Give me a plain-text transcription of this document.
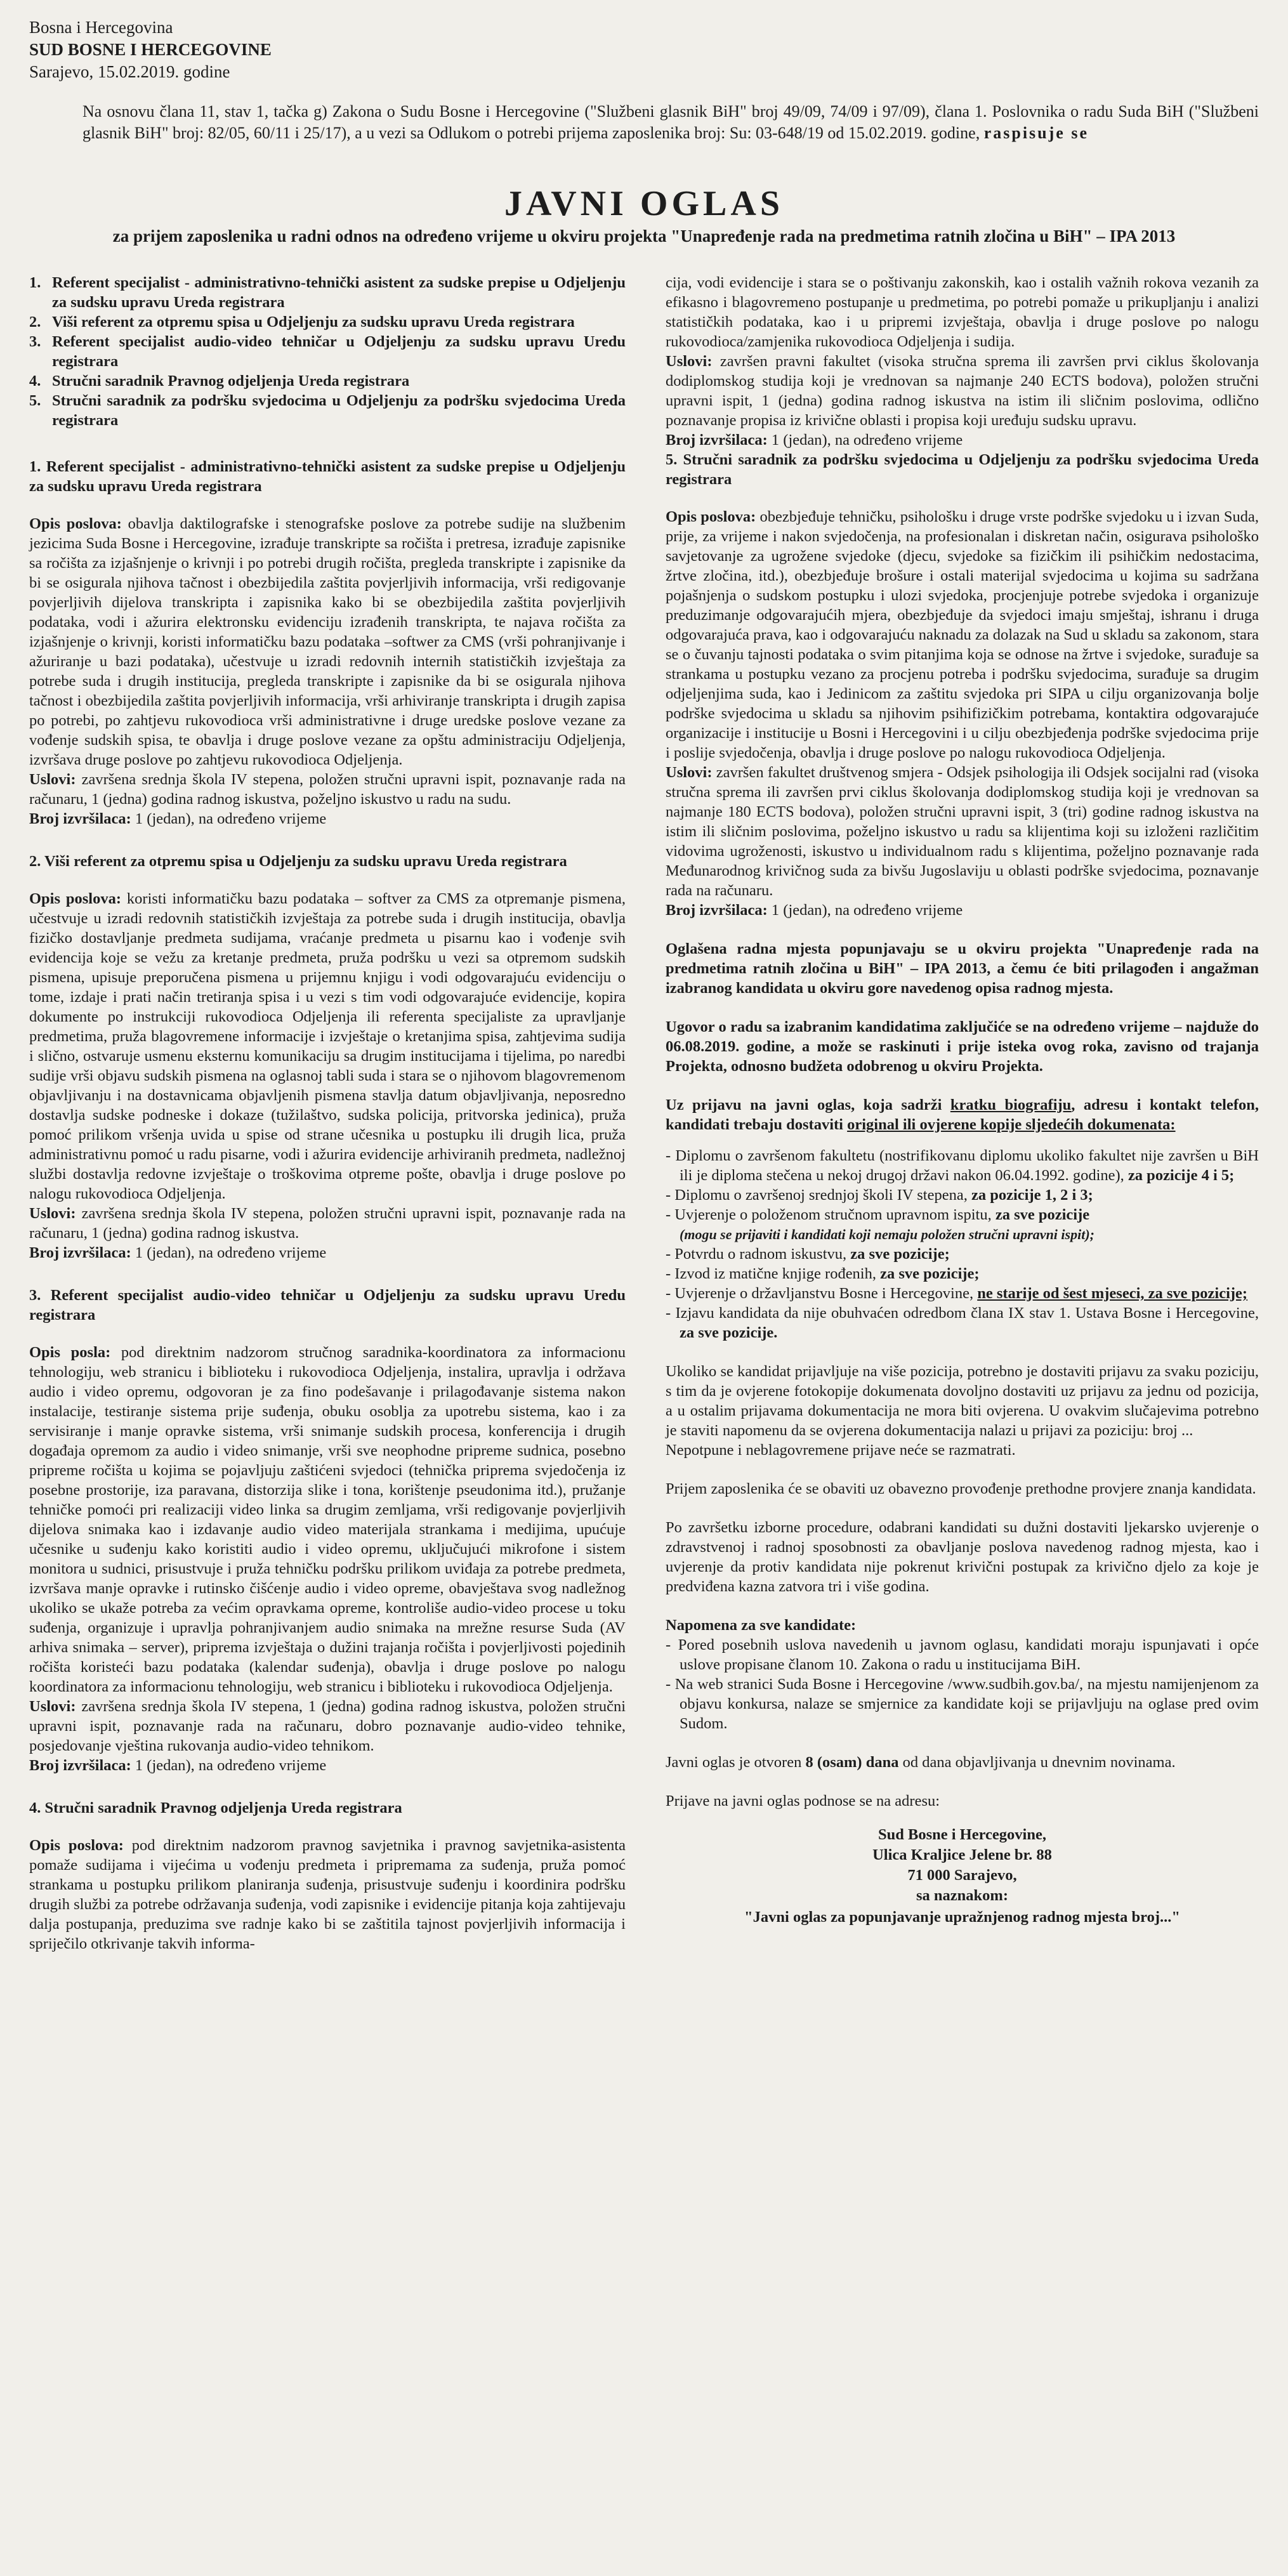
Bosna i Hercegovina
SUD BOSNE I HERCEGOVINE
Sarajevo, 15.02.2019. godine
Na osnovu člana 11, stav 1, tačka g) Zakona o Sudu Bosne i Hercegovine ("Službeni glasnik BiH" broj 49/09, 74/09 i 97/09), člana 1. Poslovnika o radu Suda BiH ("Službeni glasnik BiH" broj: 82/05, 60/11 i 25/17), a u vezi sa Odlukom o potrebi prijema zaposlenika broj: Su: 03-648/19 od 15.02.2019. godine, raspisuje se
JAVNI OGLAS
za prijem zaposlenika u radni odnos na određeno vrijeme u okviru projekta "Unapređenje rada na predmetima ratnih zločina u BiH" – IPA 2013
1. Referent specijalist - administrativno-tehnički asistent za sudske prepise u Odjeljenju za sudsku upravu Ureda registrara
2. Viši referent za otpremu spisa u Odjeljenju za sudsku upravu Ureda registrara
3. Referent specijalist audio-video tehničar u Odjeljenju za sudsku upravu Uredu registrara
4. Stručni saradnik Pravnog odjeljenja Ureda registrara
5. Stručni saradnik za podršku svjedocima u Odjeljenju za podršku svjedocima Ureda registrara
1. Referent specijalist - administrativno-tehnički asistent za sudske prepise u Odjeljenju za sudsku upravu Ureda registrara

Opis poslova: obavlja daktilografske i stenografske poslove za potrebe sudije na službenim jezicima Suda Bosne i Hercegovine, izrađuje transkripte sa ročišta i pretresa, izrađuje zapisnike sa ročišta za izjašnjenje o krivnji i po potrebi drugih ročišta, pregleda transkripte i zapisnike da bi se osigurala njihova tačnost i obezbijedila zaštita povjerljivih informacija, vrši redigovanje povjerljivih dijelova transkripta i zapisnika kako bi se obezbijedila zaštita povjerljivih podataka, vodi i ažurira elektronsku evidenciju izrađenih transkripta, te najava ročišta za izjašnjenje o krivnji, koristi informatičku bazu podataka –softwer za CMS (vrši pohranjivanje i ažuriranje u bazi podataka), učestvuje u izradi redovnih internih statističkih izvještaja za potrebe suda i drugih institucija, pregleda transkripte i zapisnike da bi se osigurala njihova tačnost i obezbijedila zaštita povjerljivih informacija, vrši arhiviranje transkripta i drugih zapisa po potrebi, po zahtjevu rukovodioca vrši administrativne i druge uredske poslove vezane za vođenje sudskih spisa, te obavlja i druge poslove vezane za opštu administraciju Odjeljenja, izvršava druge poslove po zahtjevu rukovodioca Odjeljenja.

Uslovi: završena srednja škola IV stepena, položen stručni upravni ispit, poznavanje rada na računaru, 1 (jedna) godina radnog iskustva, poželjno iskustvo u radu na sudu.

Broj izvršilaca: 1 (jedan), na određeno vrijeme

2. Viši referent za otpremu spisa u Odjeljenju za sudsku upravu Ureda registrara

Opis poslova: koristi informatičku bazu podataka – softver za CMS za otpremanje pismena, učestvuje u izradi redovnih statističkih izvještaja za potrebe suda i drugih institucija, obavlja fizičko dostavljanje predmeta sudijama, vraćanje predmeta u pisarnu kao i vođenje svih evidencija koje se vežu za kretanje predmeta, pruža podršku u vezi sa otpremom sudskih pismena, upisuje preporučena pismena u prijemnu knjigu i vodi odgovarajuću evidenciju o tome, izdaje i prati način tretiranja spisa i u vezi s tim vodi odgovarajuće evidencije, kopira dokumente po instrukciji rukovodioca Odjeljenja ili referenta specijaliste za upravljanje predmetima, pruža blagovremene informacije i izvještaje o kretanjima spisa, zahtjevima sudija i slično, ostvaruje usmenu eksternu komunikaciju sa drugim institucijama i tijelima, po naredbi sudije vrši objavu sudskih pismena na oglasnoj tabli suda i stara se o njihovom blagovremenom objavljivanju i na dostavnicama objavljenih pismena stavlja datum objavljivanja, neposredno dostavlja sudske podneske i dokaze (tužilaštvo, sudska policija, pritvorska jedinica), pruža pomoć prilikom vršenja uvida u spise od strane učesnika u postupku ili drugih lica, pruža administrativnu pomoć u radu pisarne, vodi i ažurira evidencije arhiviranih predmeta, nadležnoj službi dostavlja redovne izvještaje o troškovima otpreme pošte, obavlja i druge poslove po nalogu rukovodioca Odjeljenja.

Uslovi: završena srednja škola IV stepena, položen stručni upravni ispit, poznavanje rada na računaru, 1 (jedna) godina radnog iskustva.

Broj izvršilaca: 1 (jedan), na određeno vrijeme

3. Referent specijalist audio-video tehničar u Odjeljenju za sudsku upravu Uredu registrara

Opis posla: pod direktnim nadzorom stručnog saradnika-koordinatora za informacionu tehnologiju, web stranicu i biblioteku i rukovodioca Odjeljenja, instalira, upravlja i održava audio i video opremu, odgovoran je za fino podešavanje i prilagođavanje sistema nakon instalacije, testiranje sistema prije suđenja, obuku osoblja za upotrebu sistema, kao i za servisiranje i manje opravke sistema, vrši snimanje sudskih procesa, konferencija i drugih događaja opremom za audio i video snimanje, vrši sve neophodne pripreme sudnica, posebno pripreme ročišta u kojima se pojavljuju zaštićeni svjedoci (tehnička priprema svjedočenja iz posebne prostorije, iza paravana, distorzija slike i tona, korištenje pseudonima itd.), pružanje tehničke pomoći pri realizaciji video linka sa drugim zemljama, vrši redigovanje povjerljivih dijelova snimaka kao i izdavanje audio video materijala strankama i medijima, upućuje učesnike u suđenju kako koristiti audio i video opremu, uključujući mikrofone i sistem monitora u sudnici, prisustvuje i pruža tehničku podršku prilikom uviđaja za potrebe predmeta, izvršava manje opravke i rutinsko čišćenje audio i video opreme, obavještava svog nadležnog ukoliko se ukaže potreba za većim opravkama opreme, kontroliše audio-video procese u toku suđenja, organizuje i upravlja pohranjivanjem audio snimaka na mrežne resurse Suda (AV arhiva snimaka – server), priprema izvještaja o dužini trajanja ročišta i povjerljivosti pojedinih ročišta koristeći bazu podataka (kalendar suđenja), obavlja i druge poslove po nalogu koordinatora za informacionu tehnologiju, web stranicu i biblioteku i rukovodioca Odjeljenja.

Uslovi: završena srednja škola IV stepena, 1 (jedna) godina radnog iskustva, položen stručni upravni ispit, poznavanje rada na računaru, dobro poznavanje audio-video tehnike, posjedovanje vještina rukovanja audio-video tehnikom.

Broj izvršilaca: 1 (jedan), na određeno vrijeme

4. Stručni saradnik Pravnog odjeljenja Ureda registrara

Opis poslova: pod direktnim nadzorom pravnog savjetnika i pravnog savjetnika-asistenta pomaže sudijama i vijećima u vođenju predmeta i pripremama za suđenja, pruža pomoć strankama u postupku prilikom planiranja suđenja, prisustvuje suđenju i koordinira podršku drugih službi za potrebe održavanja suđenja, vodi zapisnike i evidencije pitanja koja zahtijevaju dalja postupanja, preduzima sve radnje kako bi se zaštitila tajnost povjerljivih informacija i spriječilo otkrivanje takvih informa-

cija, vodi evidencije i stara se o poštivanju zakonskih, kao i ostalih važnih rokova vezanih za efikasno i blagovremeno postupanje u predmetima, po potrebi pomaže u prikupljanju i analizi statističkih podataka, kao i u pripremi izvještaja, obavlja i druge poslove po nalogu rukovodioca/zamjenika rukovodioca Odjeljenja i sudija.

Uslovi: završen pravni fakultet (visoka stručna sprema ili završen prvi ciklus školovanja dodiplomskog studija koji je vrednovan sa najmanje 240 ECTS bodova), položen stručni upravni ispit, 1 (jedna) godina radnog iskustva na istim ili sličnim poslovima, odlično poznavanje propisa iz krivične oblasti i propisa koji uređuju sudsku upravu.

Broj izvršilaca: 1 (jedan), na određeno vrijeme

5. Stručni saradnik za podršku svjedocima u Odjeljenju za podršku svjedocima Ureda registrara

Opis poslova: obezbjeđuje tehničku, psihološku i druge vrste podrške svjedoku u i izvan Suda, prije, za vrijeme i nakon svjedočenja, na profesionalan i diskretan način, osigurava psihološko savjetovanje za ugrožene svjedoke (djecu, svjedoke sa fizičkim ili psihičkim nedostacima, žrtve zločina, itd.), obezbjeđuje brošure i ostali materijal svjedocima u kojima su sadržana pojašnjenja o sudskom postupku i ulozi svjedoka, procjenjuje potrebe svjedoka i organizuje preduzimanje odgovarajućih mjera, obezbjeđuje da svjedoci imaju smještaj, ishranu i druga odgovarajuća prava, kao i odgovarajuću naknadu za dolazak na Sud u skladu sa zakonom, stara se o čuvanju tajnosti podataka o svim pitanjima koja se odnose na žrtve i svjedoke, surađuje sa strankama u postupku vezano za procjenu potreba i podršku svjedocima, surađuje sa drugim odjeljenjima suda, kao i Jedinicom za zaštitu svjedoka pri SIPA u cilju organizovanja bolje podrške svjedocima u skladu sa njihovim psihifizičkim potrebama, kontaktira odgovarajuće organizacije i institucije u Bosni i Hercegovini i u cilju obezbjeđenja podrške svjedocima prije i poslije svjedočenja, obavlja i druge poslove po nalogu rukovodioca Odjeljenja.

Uslovi: završen fakultet društvenog smjera - Odsjek psihologija ili Odsjek socijalni rad (visoka stručna sprema ili završen prvi ciklus školovanja dodiplomskog studija koji je vrednovan sa najmanje 180 ECTS bodova), položen stručni upravni ispit, 3 (tri) godine radnog iskustva na istim ili sličnim poslovima, poželjno iskustvo u radu sa klijentima koji su izloženi različitim vidovima ugroženosti, iskustvo u individualnom radu s klijentima, poželjno poznavanje rada Međunarodnog krivičnog suda za bivšu Jugoslaviju u oblasti podrške svjedocima, poznavanje rada na računaru.

Broj izvršilaca: 1 (jedan), na određeno vrijeme

Oglašena radna mjesta popunjavaju se u okviru projekta "Unapređenje rada na predmetima ratnih zločina u BiH" – IPA 2013, a čemu će biti prilagođen i angažman izabranog kandidata u okviru gore navedenog opisa radnog mjesta.

Ugovor o radu sa izabranim kandidatima zaključiće se na određeno vrijeme – najduže do 06.08.2019. godine, a može se raskinuti i prije isteka ovog roka, zavisno od trajanja Projekta, odnosno budžeta odobrenog u okviru Projekta.

Uz prijavu na javni oglas, koja sadrži kratku biografiju, adresu i kontakt telefon, kandidati trebaju dostaviti original ili ovjerene kopije sljedećih dokumenata:

- Diplomu o završenom fakultetu (nostrifikovanu diplomu ukoliko fakultet nije završen u BiH ili je diploma stečena u nekoj drugoj državi nakon 06.04.1992. godine), za pozicije 4 i 5;
- Diplomu o završenoj srednjoj školi IV stepena, za pozicije 1, 2 i 3;
- Uvjerenje o položenom stručnom upravnom ispitu, za sve pozicije
(mogu se prijaviti i kandidati koji nemaju položen stručni upravni ispit);
- Potvrdu o radnom iskustvu, za sve pozicije;
- Izvod iz matične knjige rođenih, za sve pozicije;
- Uvjerenje o državljanstvu Bosne i Hercegovine, ne starije od šest mjeseci, za sve pozicije;
- Izjavu kandidata da nije obuhvaćen odredbom člana IX stav 1. Ustava Bosne i Hercegovine, za sve pozicije.

Ukoliko se kandidat prijavljuje na više pozicija, potrebno je dostaviti prijavu za svaku poziciju, s tim da je ovjerene fotokopije dokumenata dovoljno dostaviti uz prijavu za jednu od pozicija, a u ostalim prijavama dokumentacija ne mora biti ovjerena. U ovakvim slučajevima potrebno je staviti napomenu da se ovjerena dokumentacija nalazi u prijavi za poziciju: broj ...

Nepotpune i neblagovremene prijave neće se razmatrati.

Prijem zaposlenika će se obaviti uz obavezno provođenje prethodne provjere znanja kandidata.

Po završetku izborne procedure, odabrani kandidati su dužni dostaviti ljekarsko uvjerenje o zdravstvenoj i radnoj sposobnosti za obavljanje poslova navedenog radnog mjesta, kao i uvjerenje da protiv kandidata nije pokrenut krivični postupak za krivično djelo za koje je predviđena kazna zatvora tri i više godina.

Napomena za sve kandidate:
- Pored posebnih uslova navedenih u javnom oglasu, kandidati moraju ispunjavati i opće uslove propisane članom 10. Zakona o radu u institucijama BiH.
- Na web stranici Suda Bosne i Hercegovine /www.sudbih.gov.ba/, na mjestu namijenjenom za objavu konkursa, nalaze se smjernice za kandidate koji se prijavljuju na oglase pred ovim Sudom.

Javni oglas je otvoren 8 (osam) dana od dana objavljivanja u dnevnim novinama.

Prijave na javni oglas podnose se na adresu:

Sud Bosne i Hercegovine,
Ulica Kraljice Jelene br. 88
71 000 Sarajevo,
sa naznakom:
"Javni oglas za popunjavanje upražnjenog radnog mjesta broj..."
